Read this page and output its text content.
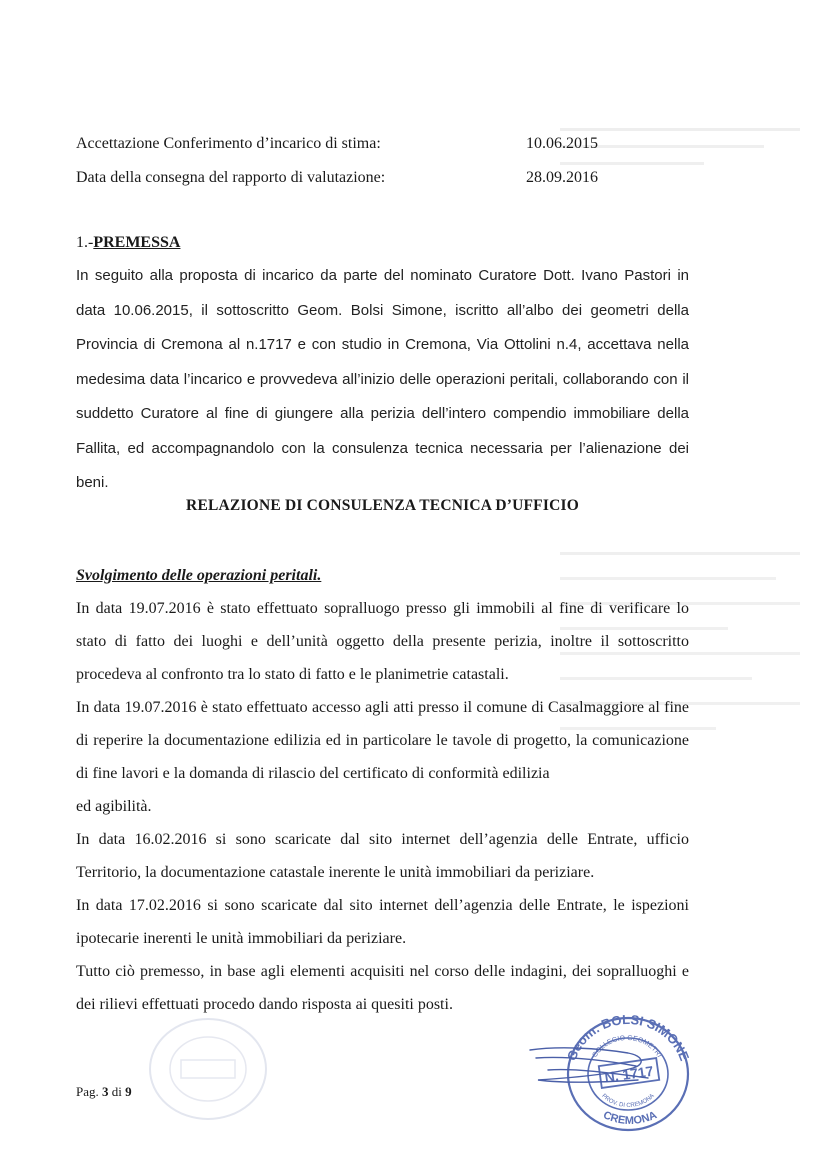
Accettazione Conferimento d’incarico di stima:	10.06.2015
Data della consegna del rapporto di valutazione:	28.09.2016
1.-PREMESSA

In seguito alla proposta di incarico da parte del nominato Curatore Dott. Ivano Pastori in data 10.06.2015, il sottoscritto Geom. Bolsi Simone, iscritto all’albo dei geometri della Provincia di Cremona al n.1717 e con studio in Cremona, Via Ottolini n.4, accettava nella medesima data l’incarico e provvedeva all’inizio delle operazioni peritali, collaborando con il suddetto Curatore al fine di giungere alla perizia dell’intero compendio immobiliare della Fallita, ed accompagnandolo con la consulenza tecnica necessaria per l’alienazione dei beni.

RELAZIONE DI CONSULENZA TECNICA D’UFFICIO
Svolgimento delle operazioni peritali.

In data 19.07.2016 è stato effettuato sopralluogo presso gli immobili al fine di verificare lo stato di fatto dei luoghi e dell’unità oggetto della presente perizia, inoltre il sottoscritto procedeva al confronto tra lo stato di fatto e le planimetrie catastali.

In data 19.07.2016 è stato effettuato accesso agli atti presso il comune di Casalmaggiore al fine di reperire la documentazione edilizia ed in particolare le tavole di progetto, la comunicazione di fine lavori e la domanda di rilascio del certificato di conformità edilizia

ed agibilità.

In data 16.02.2016 si sono scaricate dal sito internet dell’agenzia delle Entrate, ufficio Territorio, la documentazione catastale inerente le unità immobiliari da periziare.

In data 17.02.2016 si sono scaricate dal sito internet dell’agenzia delle Entrate, le ispezioni ipotecarie inerenti le unità immobiliari da periziare.

Tutto ciò premesso, in base agli elementi acquisiti nel corso delle indagini, dei sopralluoghi e dei rilievi effettuati procedo dando risposta ai quesiti posti.

Pag. 3 di 9
Geom. BOLSI SIMONE
COLLEGIO GEOMETRI
N. 1717
PROV. DI CREMONA
CREMONA
